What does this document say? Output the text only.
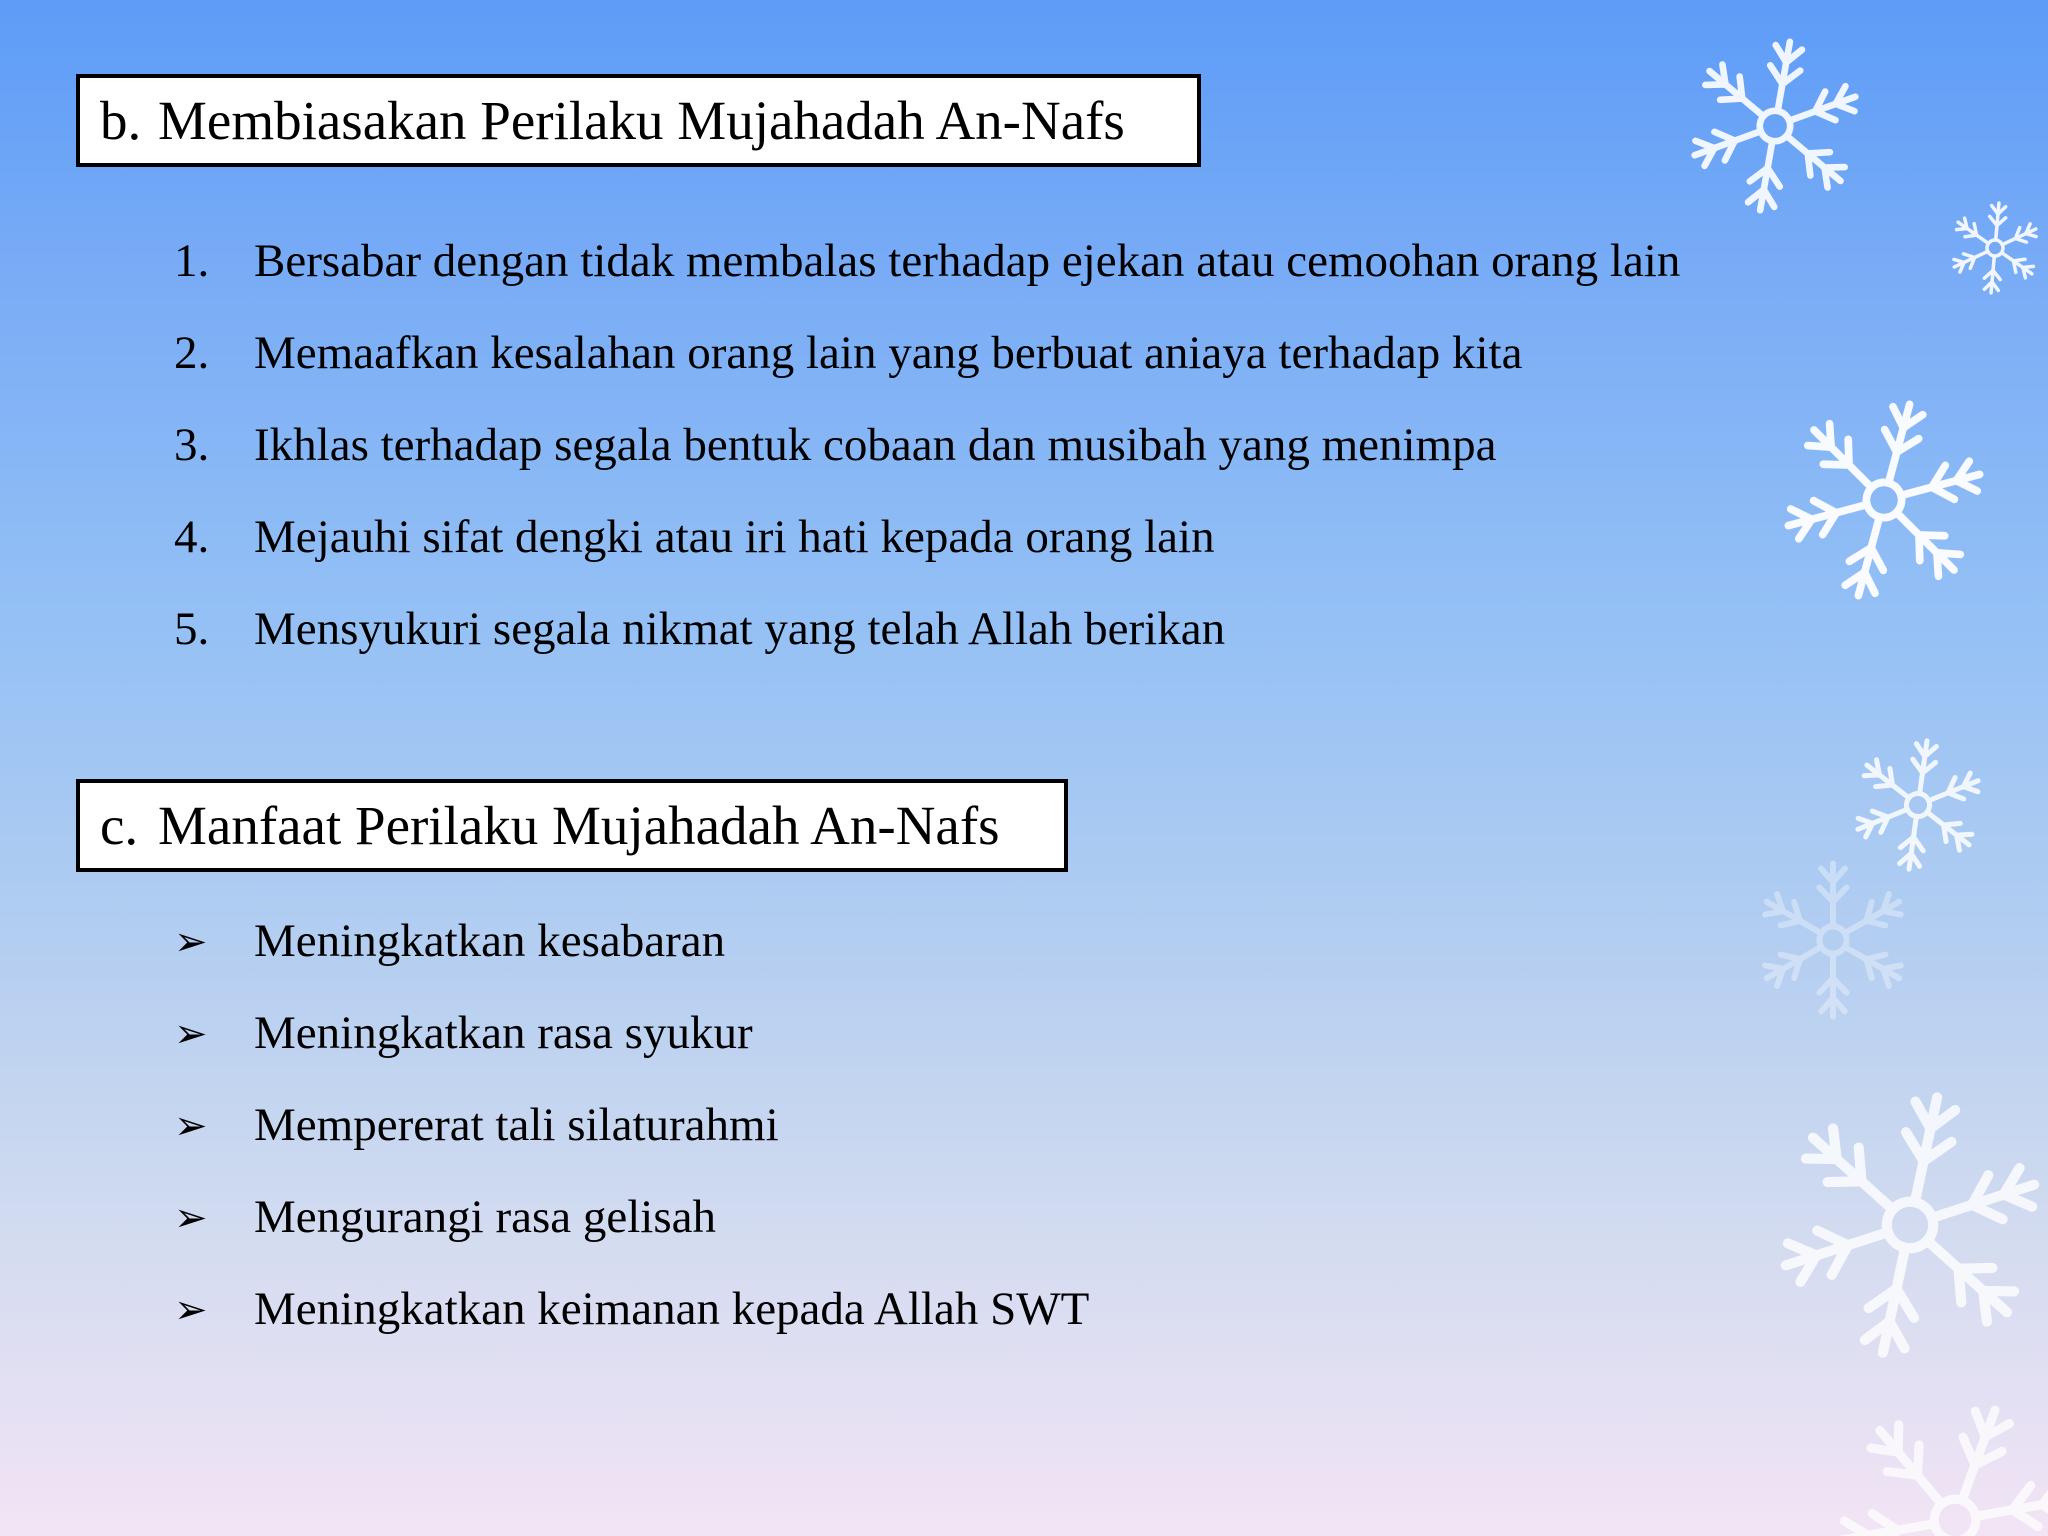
b. Membiasakan Perilaku Mujahadah An-Nafs
1. Bersabar dengan tidak membalas terhadap ejekan atau cemoohan orang lain
2. Memaafkan kesalahan orang lain yang berbuat aniaya terhadap kita
3. Ikhlas terhadap segala bentuk cobaan dan musibah yang menimpa
4. Mejauhi sifat dengki atau iri hati kepada orang lain
5. Mensyukuri segala nikmat yang telah Allah berikan
c. Manfaat Perilaku Mujahadah An-Nafs
➢ Meningkatkan kesabaran
➢ Meningkatkan rasa syukur
➢ Mempererat tali silaturahmi
➢ Mengurangi rasa gelisah
➢ Meningkatkan keimanan kepada Allah SWT
